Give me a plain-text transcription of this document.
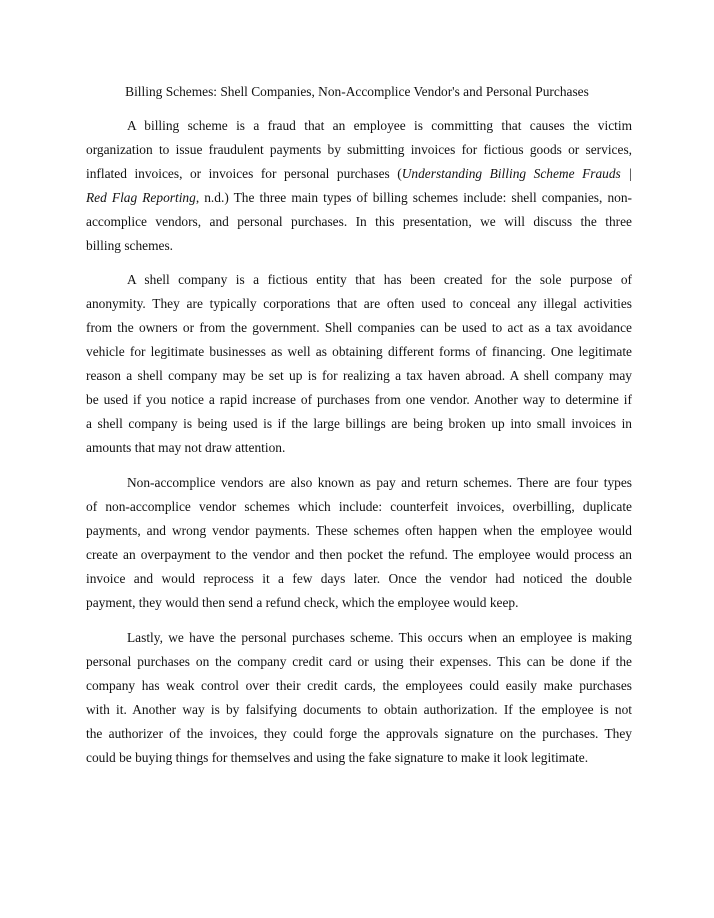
Billing Schemes: Shell Companies, Non-Accomplice Vendor's and Personal Purchases
A billing scheme is a fraud that an employee is committing that causes the victim
organization to issue fraudulent payments by submitting invoices for fictious goods or services,
inflated invoices, or invoices for personal purchases (Understanding Billing Scheme Frauds |
Red Flag Reporting, n.d.) The three main types of billing schemes include: shell companies, non-
accomplice vendors, and personal purchases. In this presentation, we will discuss the three
billing schemes.
A shell company is a fictious entity that has been created for the sole purpose of
anonymity. They are typically corporations that are often used to conceal any illegal activities
from the owners or from the government. Shell companies can be used to act as a tax avoidance
vehicle for legitimate businesses as well as obtaining different forms of financing. One legitimate
reason a shell company may be set up is for realizing a tax haven abroad. A shell company may
be used if you notice a rapid increase of purchases from one vendor. Another way to determine if
a shell company is being used is if the large billings are being broken up into small invoices in
amounts that may not draw attention.
Non-accomplice vendors are also known as pay and return schemes. There are four types
of non-accomplice vendor schemes which include: counterfeit invoices, overbilling, duplicate
payments, and wrong vendor payments. These schemes often happen when the employee would
create an overpayment to the vendor and then pocket the refund. The employee would process an
invoice and would reprocess it a few days later. Once the vendor had noticed the double
payment, they would then send a refund check, which the employee would keep.
Lastly, we have the personal purchases scheme. This occurs when an employee is making
personal purchases on the company credit card or using their expenses. This can be done if the
company has weak control over their credit cards, the employees could easily make purchases
with it. Another way is by falsifying documents to obtain authorization. If the employee is not
the authorizer of the invoices, they could forge the approvals signature on the purchases. They
could be buying things for themselves and using the fake signature to make it look legitimate.
